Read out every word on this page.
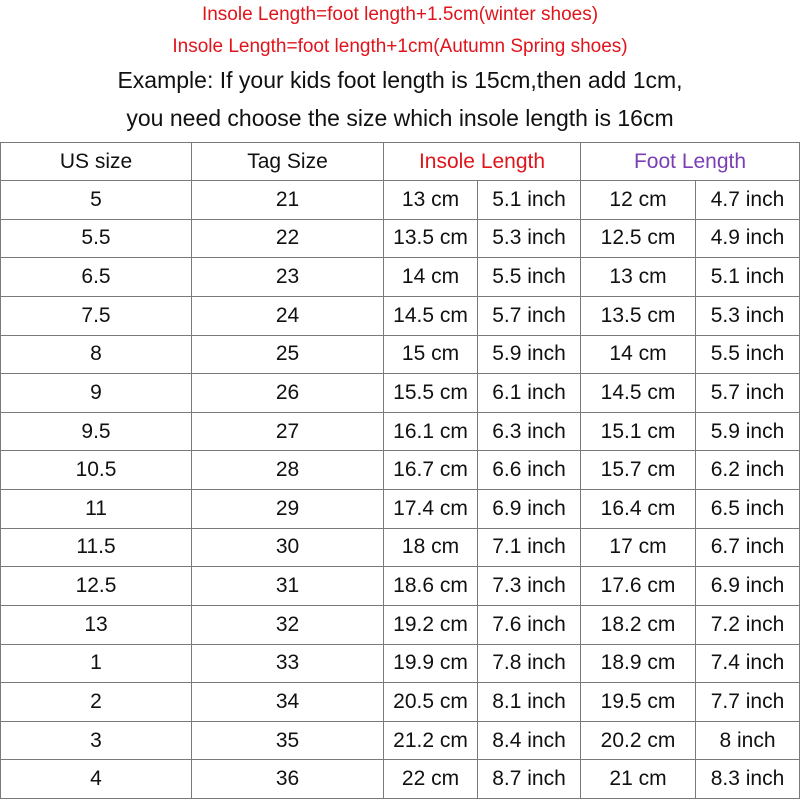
Insole Length=foot length+1.5cm(winter shoes)
Insole Length=foot length+1cm(Autumn Spring shoes)
Example: If your kids foot length is 15cm,then add 1cm,
you need choose the size which insole length is 16cm
US size	Tag Size	Insole Length		Foot Length	
5	21	13 cm	5.1 inch	12 cm	4.7 inch
5.5	22	13.5 cm	5.3 inch	12.5 cm	4.9 inch
6.5	23	14 cm	5.5 inch	13 cm	5.1 inch
7.5	24	14.5 cm	5.7 inch	13.5 cm	5.3 inch
8	25	15 cm	5.9 inch	14 cm	5.5 inch
9	26	15.5 cm	6.1 inch	14.5 cm	5.7 inch
9.5	27	16.1 cm	6.3 inch	15.1 cm	5.9 inch
10.5	28	16.7 cm	6.6 inch	15.7 cm	6.2 inch
11	29	17.4 cm	6.9 inch	16.4 cm	6.5 inch
11.5	30	18 cm	7.1 inch	17 cm	6.7 inch
12.5	31	18.6 cm	7.3 inch	17.6 cm	6.9 inch
13	32	19.2 cm	7.6 inch	18.2 cm	7.2 inch
1	33	19.9 cm	7.8 inch	18.9 cm	7.4 inch
2	34	20.5 cm	8.1 inch	19.5 cm	7.7 inch
3	35	21.2 cm	8.4 inch	20.2 cm	8 inch
4	36	22 cm	8.7 inch	21 cm	8.3 inch
